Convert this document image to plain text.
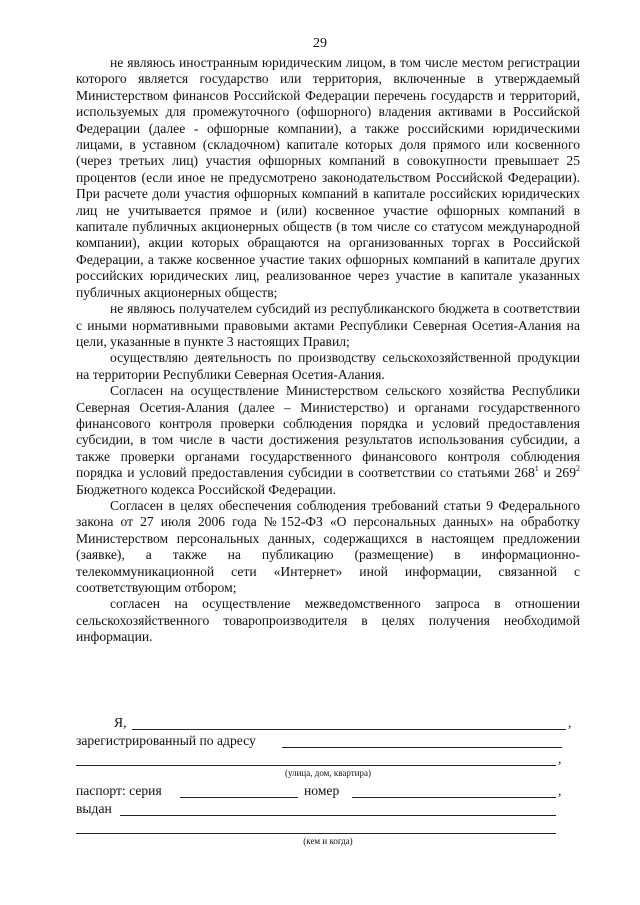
29

не являюсь иностранным юридическим лицом, в том числе местом регистрации которого является государство или территория, включенные в утверждаемый Министерством финансов Российской Федерации перечень государств и территорий, используемых для промежуточного (офшорного) владения активами в Российской Федерации (далее - офшорные компании), а также российскими юридическими лицами, в уставном (складочном) капитале которых доля прямого или косвенного (через третьих лиц) участия офшорных компаний в совокупности превышает 25 процентов (если иное не предусмотрено законодательством Российской Федерации). При расчете доли участия офшорных компаний в капитале российских юридических лиц не учитывается прямое и (или) косвенное участие офшорных компаний в капитале публичных акционерных обществ (в том числе со статусом международной компании), акции которых обращаются на организованных торгах в Российской Федерации, а также косвенное участие таких офшорных компаний в капитале других российских юридических лиц, реализованное через участие в капитале указанных публичных акционерных обществ;

не являюсь получателем субсидий из республиканского бюджета в соответствии с иными нормативными правовыми актами Республики Северная Осетия-Алания на цели, указанные в пункте 3 настоящих Правил;

осуществляю деятельность по производству сельскохозяйственной продукции на территории Республики Северная Осетия-Алания.

Согласен на осуществление Министерством сельского хозяйства Республики Северная Осетия-Алания (далее – Министерство) и органами государственного финансового контроля проверки соблюдения порядка и условий предоставления субсидии, в том числе в части достижения результатов использования субсидии, а также проверки органами государственного финансового контроля соблюдения порядка и условий предоставления субсидии в соответствии со статьями $268^1$ и $269^2$ Бюджетного кодекса Российской Федерации.

Согласен в целях обеспечения соблюдения требований статьи 9 Федерального закона от 27 июля 2006 года №152-ФЗ «О персональных данных» на обработку Министерством персональных данных, содержащихся в настоящем предложении (заявке), а также на публикацию (размещение) в информационно-телекоммуникационной сети «Интернет» иной информации, связанной с соответствующим отбором;

согласен на осуществление межведомственного запроса в отношении сельскохозяйственного товаропроизводителя в целях получения необходимой информации.

Я,	,
зарегистрированный по адресу
,
(улица, дом, квартира)
паспорт: серия	номер	,
выдан
(кем и когда)
